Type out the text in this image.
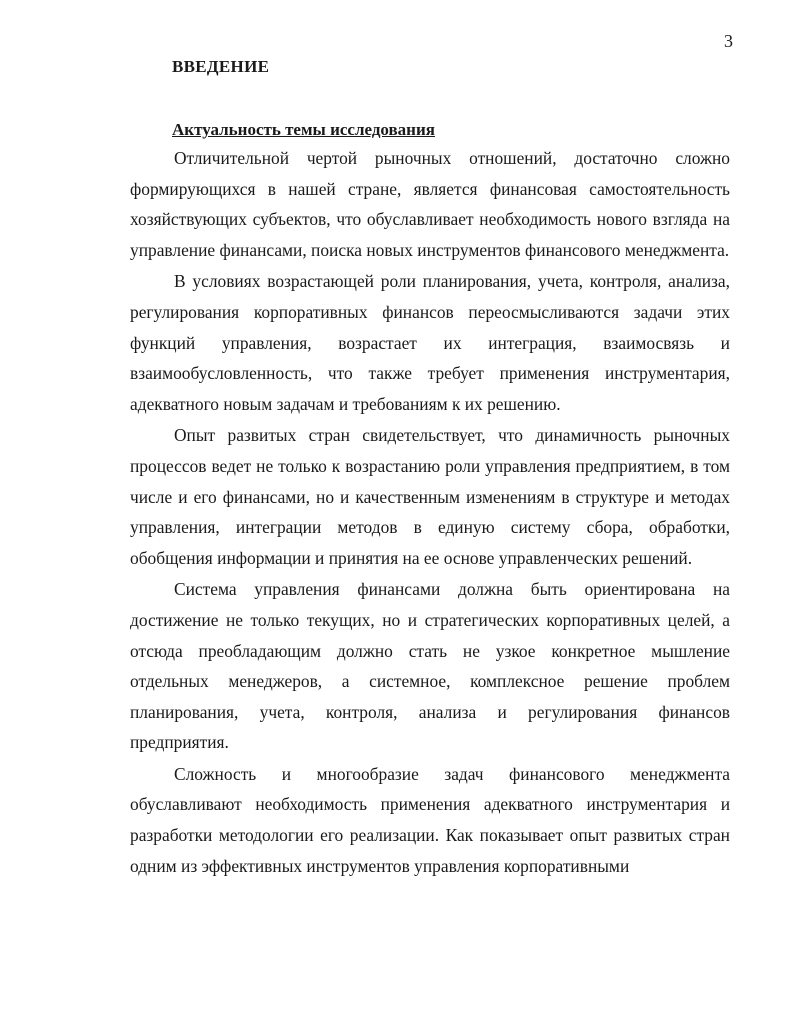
3
ВВЕДЕНИЕ
Актуальность темы исследования

Отличительной чертой рыночных отношений, достаточно сложно формирующихся в нашей стране, является финансовая самостоятельность хозяйствующих субъектов, что обуславливает необходимость нового взгляда на управление финансами, поиска новых инструментов финансового менеджмента.

В условиях возрастающей роли планирования, учета, контроля, анализа, регулирования корпоративных финансов переосмысливаются задачи этих функций управления, возрастает их интеграция, взаимосвязь и взаимообусловленность, что также требует применения инструментария, адекватного новым задачам и требованиям к их решению.

Опыт развитых стран свидетельствует, что динамичность рыночных процессов ведет не только к возрастанию роли управления предприятием, в том числе и его финансами, но и качественным изменениям в структуре и методах управления, интеграции методов в единую систему сбора, обработки, обобщения информации и принятия на ее основе управленческих решений.

Система управления финансами должна быть ориентирована на достижение не только текущих, но и стратегических корпоративных целей, а отсюда преобладающим должно стать не узкое конкретное мышление отдельных менеджеров, а системное, комплексное решение проблем планирования, учета, контроля, анализа и регулирования финансов предприятия.

Сложность и многообразие задач финансового менеджмента обуславливают необходимость применения адекватного инструментария и разработки методологии его реализации. Как показывает опыт развитых стран одним из эффективных инструментов управления корпоративными
